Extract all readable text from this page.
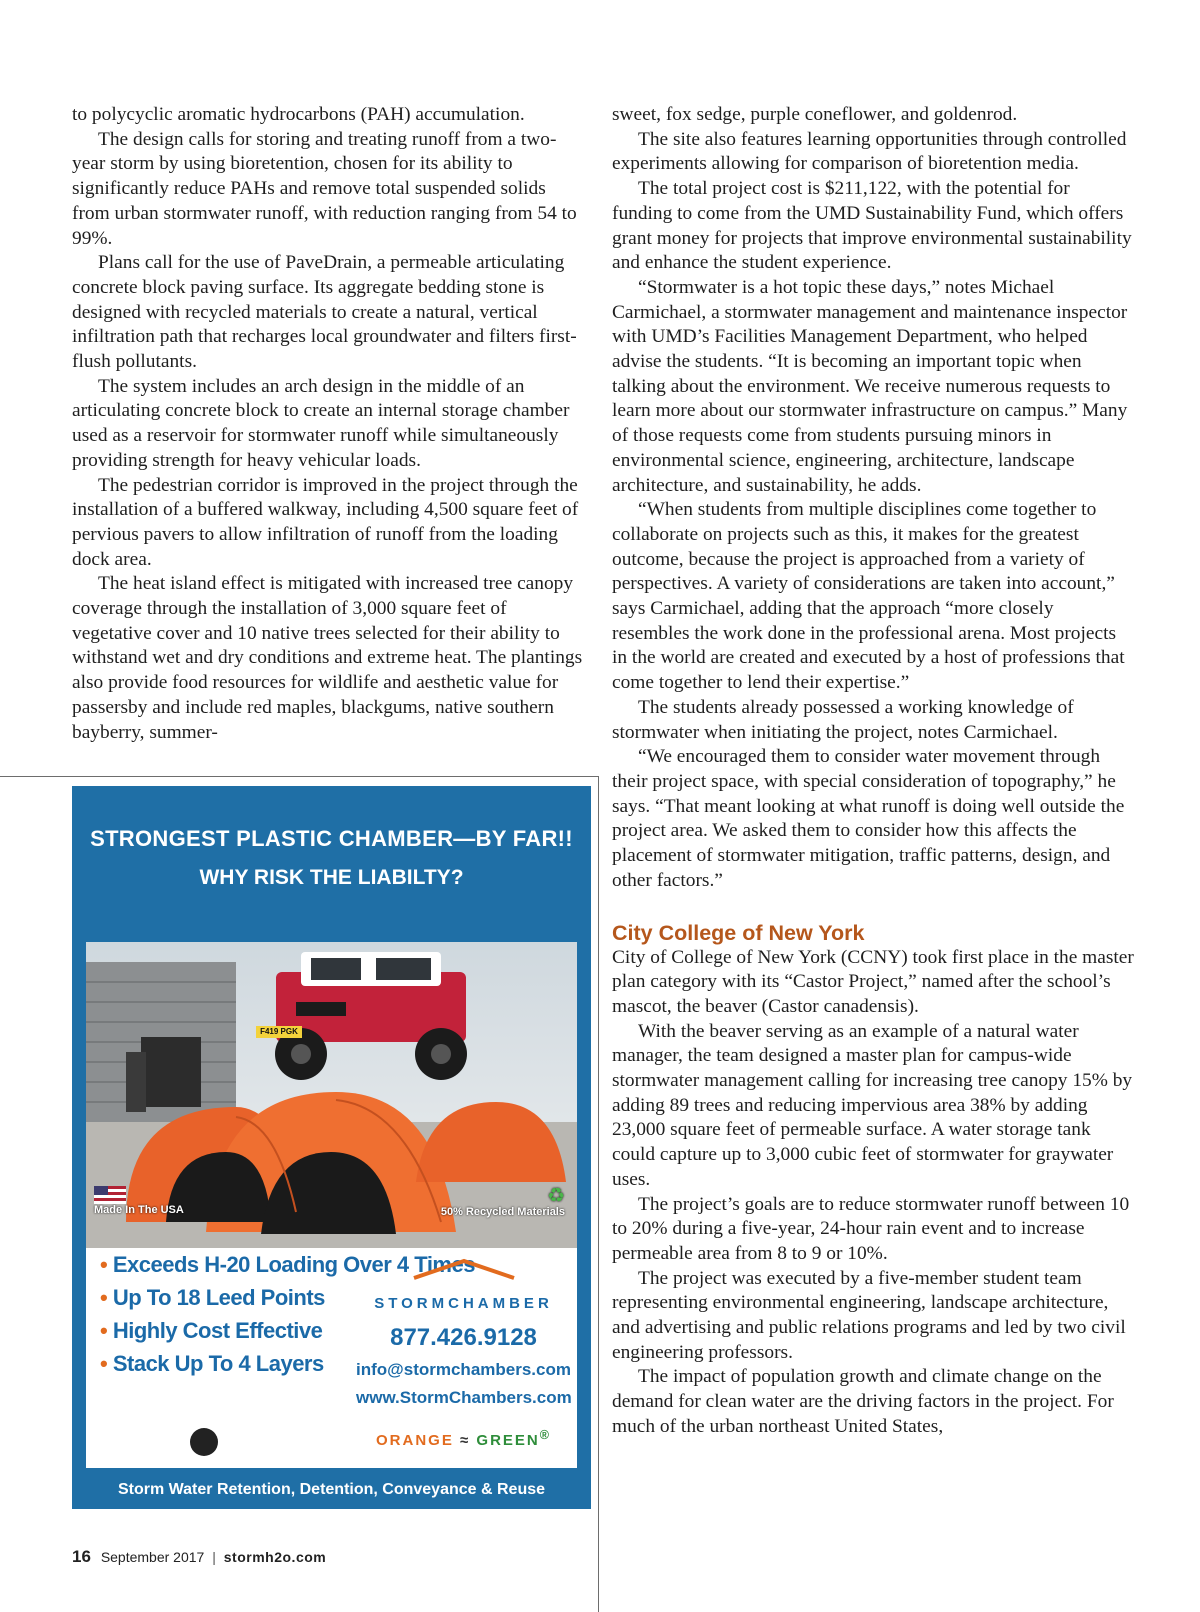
to polycyclic aromatic hydrocarbons (PAH) accumulation.

The design calls for storing and treating runoff from a two-year storm by using bioretention, chosen for its ability to significantly reduce PAHs and remove total suspended solids from urban stormwater runoff, with reduction ranging from 54 to 99%.

Plans call for the use of PaveDrain, a permeable articulating concrete block paving surface. Its aggregate bedding stone is designed with recycled materials to create a natural, vertical infiltration path that recharges local groundwater and filters first-flush pollutants.

The system includes an arch design in the middle of an articulating concrete block to create an internal storage chamber used as a reservoir for stormwater runoff while simultaneously providing strength for heavy vehicular loads.

The pedestrian corridor is improved in the project through the installation of a buffered walkway, including 4,500 square feet of pervious pavers to allow infiltration of runoff from the loading dock area.

The heat island effect is mitigated with increased tree canopy coverage through the installation of 3,000 square feet of vegetative cover and 10 native trees selected for their ability to withstand wet and dry conditions and extreme heat. The plantings also provide food resources for wildlife and aesthetic value for passersby and include red maples, blackgums, native southern bayberry, summer-

sweet, fox sedge, purple coneflower, and goldenrod.

The site also features learning opportunities through controlled experiments allowing for comparison of bioretention media.

The total project cost is $211,122, with the potential for funding to come from the UMD Sustainability Fund, which offers grant money for projects that improve environmental sustainability and enhance the student experience.

“Stormwater is a hot topic these days,” notes Michael Carmichael, a stormwater management and maintenance inspector with UMD’s Facilities Management Department, who helped advise the students. “It is becoming an important topic when talking about the environment. We receive numerous requests to learn more about our stormwater infrastructure on campus.” Many of those requests come from students pursuing minors in environmental science, engineering, architecture, landscape architecture, and sustainability, he adds.

“When students from multiple disciplines come together to collaborate on projects such as this, it makes for the greatest outcome, because the project is approached from a variety of perspectives. A variety of considerations are taken into account,” says Carmichael, adding that the approach “more closely resembles the work done in the professional arena. Most projects in the world are created and executed by a host of professions that come together to lend their expertise.”

The students already possessed a working knowledge of stormwater when initiating the project, notes Carmichael.

“We encouraged them to consider water movement through their project space, with special consideration of topography,” he says. “That meant looking at what runoff is doing well outside the project area. We asked them to consider how this affects the placement of stormwater mitigation, traffic patterns, design, and other factors.”

City College of New York

City of College of New York (CCNY) took first place in the master plan category with its “Castor Project,” named after the school’s mascot, the beaver (Castor canadensis).

With the beaver serving as an example of a natural water manager, the team designed a master plan for campus-wide stormwater management calling for increasing tree canopy 15% by adding 89 trees and reducing impervious area 38% by adding 23,000 square feet of permeable surface. A water storage tank could capture up to 3,000 cubic feet of stormwater for graywater uses.

The project’s goals are to reduce stormwater runoff between 10 to 20% during a five-year, 24-hour rain event and to increase permeable area from 8 to 9 or 10%.

The project was executed by a five-member student team representing environmental engineering, landscape architecture, and advertising and public relations programs and led by two civil engineering professors.

The impact of population growth and climate change on the demand for clean water are the driving factors in the project. For much of the urban northeast United States,

STRONGEST PLASTIC CHAMBER—BY FAR!!

WHY RISK THE LIABILTY?

F419 PGK
Made In The USA
♻
50% Recycled Materials
• Exceeds H-20 Loading Over 4 Times
• Up To 18 Leed Points
• Highly Cost Effective
• Stack Up To 4 Layers
STORMCHAMBER
877.426.9128
info@stormchambers.com
www.StormChambers.com
ORANGE ≈ GREEN®
Storm Water Retention, Detention, Conveyance & Reuse
16 September 2017 | stormh2o.com
